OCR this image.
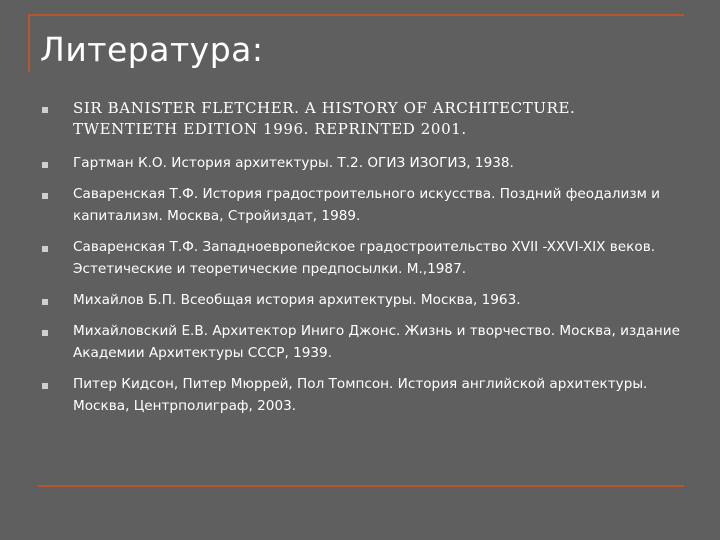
Литература:
SIR BANISTER FLETCHER. A HISTORY OF ARCHITECTURE. TWENTIETH EDITION 1996. REPRINTED 2001.
Гартман К.О. История архитектуры. Т.2. ОГИЗ ИЗОГИЗ, 1938.
Саваренская Т.Ф. История градостроительного искусства. Поздний феодализм и капитализм. Москва, Стройиздат, 1989.
Саваренская Т.Ф. Западноевропейское градостроительство XVII -XXVI-XIX веков. Эстетические и теоретические предпосылки. М.,1987.
Михайлов Б.П. Всеобщая история архитектуры. Москва, 1963.
Михайловский Е.В. Архитектор Иниго Джонс. Жизнь и творчество. Москва, издание Академии Архитектуры СССР, 1939.
Питер Кидсон, Питер Мюррей, Пол Томпсон. История английской архитектуры. Москва, Центрполиграф, 2003.
